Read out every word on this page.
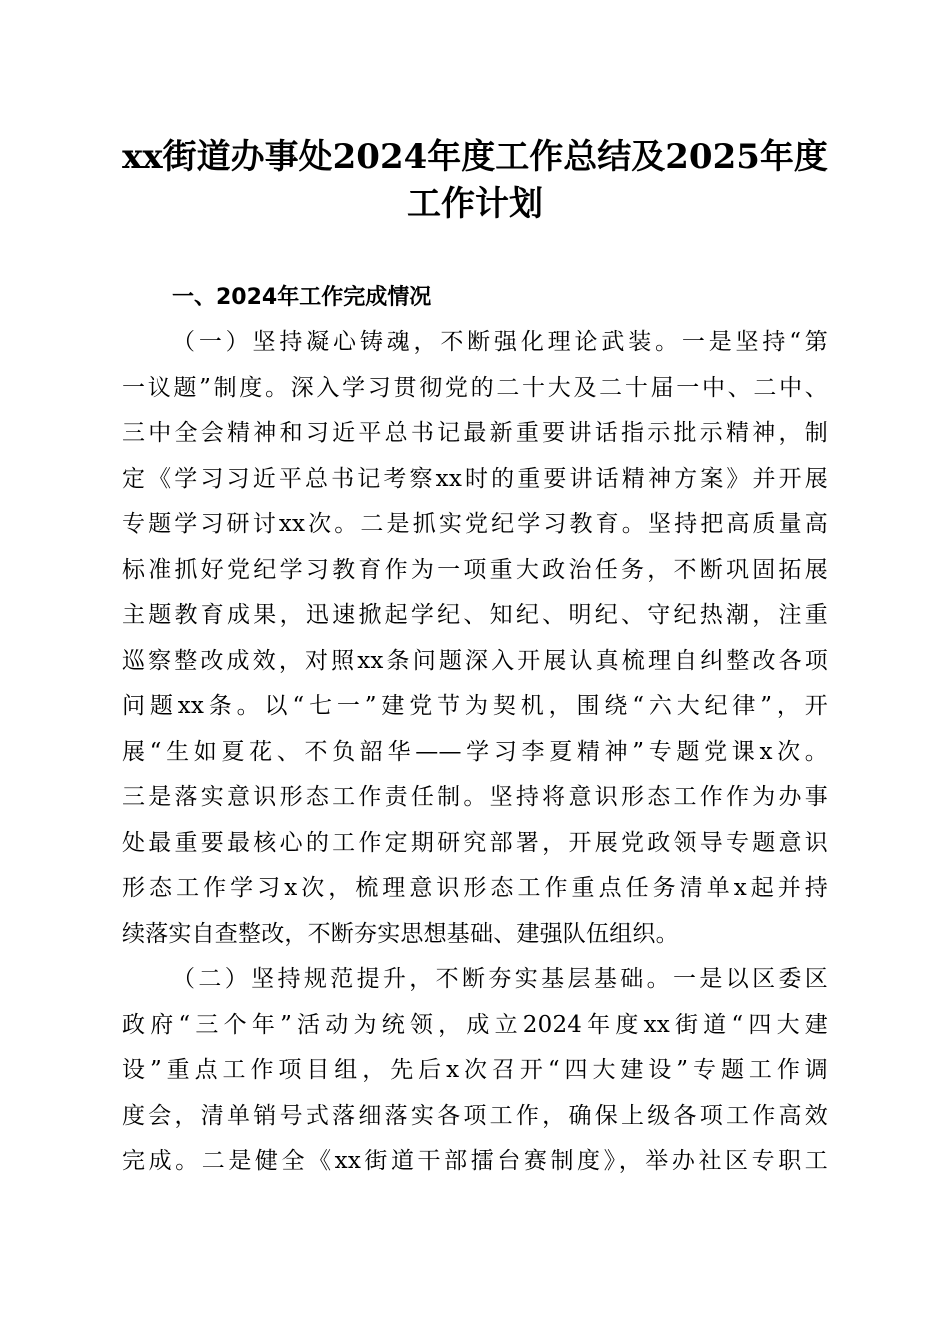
xx街道办事处2024年度工作总结及2025年度
工作计划
一、2024年工作完成情况

（一）坚持凝心铸魂，不断强化理论武装。一是坚持“第
一议题”制度。深入学习贯彻党的二十大及二十届一中、二中、
三中全会精神和习近平总书记最新重要讲话指示批示精神，制
定《学习习近平总书记考察xx时的重要讲话精神方案》并开展
专题学习研讨xx次。二是抓实党纪学习教育。坚持把高质量高
标准抓好党纪学习教育作为一项重大政治任务，不断巩固拓展
主题教育成果，迅速掀起学纪、知纪、明纪、守纪热潮，注重
巡察整改成效，对照xx条问题深入开展认真梳理自纠整改各项
问题xx条。以“七一”建党节为契机，围绕“六大纪律”，开
展“生如夏花、不负韶华——学习李夏精神”专题党课x次。
三是落实意识形态工作责任制。坚持将意识形态工作作为办事
处最重要最核心的工作定期研究部署，开展党政领导专题意识
形态工作学习x次，梳理意识形态工作重点任务清单x起并持
续落实自查整改，不断夯实思想基础、建强队伍组织。

（二）坚持规范提升，不断夯实基层基础。一是以区委区
政府“三个年”活动为统领，成立2024年度xx街道“四大建
设”重点工作项目组，先后x次召开“四大建设”专题工作调
度会，清单销号式落细落实各项工作，确保上级各项工作高效
完成。二是健全《xx街道干部擂台赛制度》，举办社区专职工
